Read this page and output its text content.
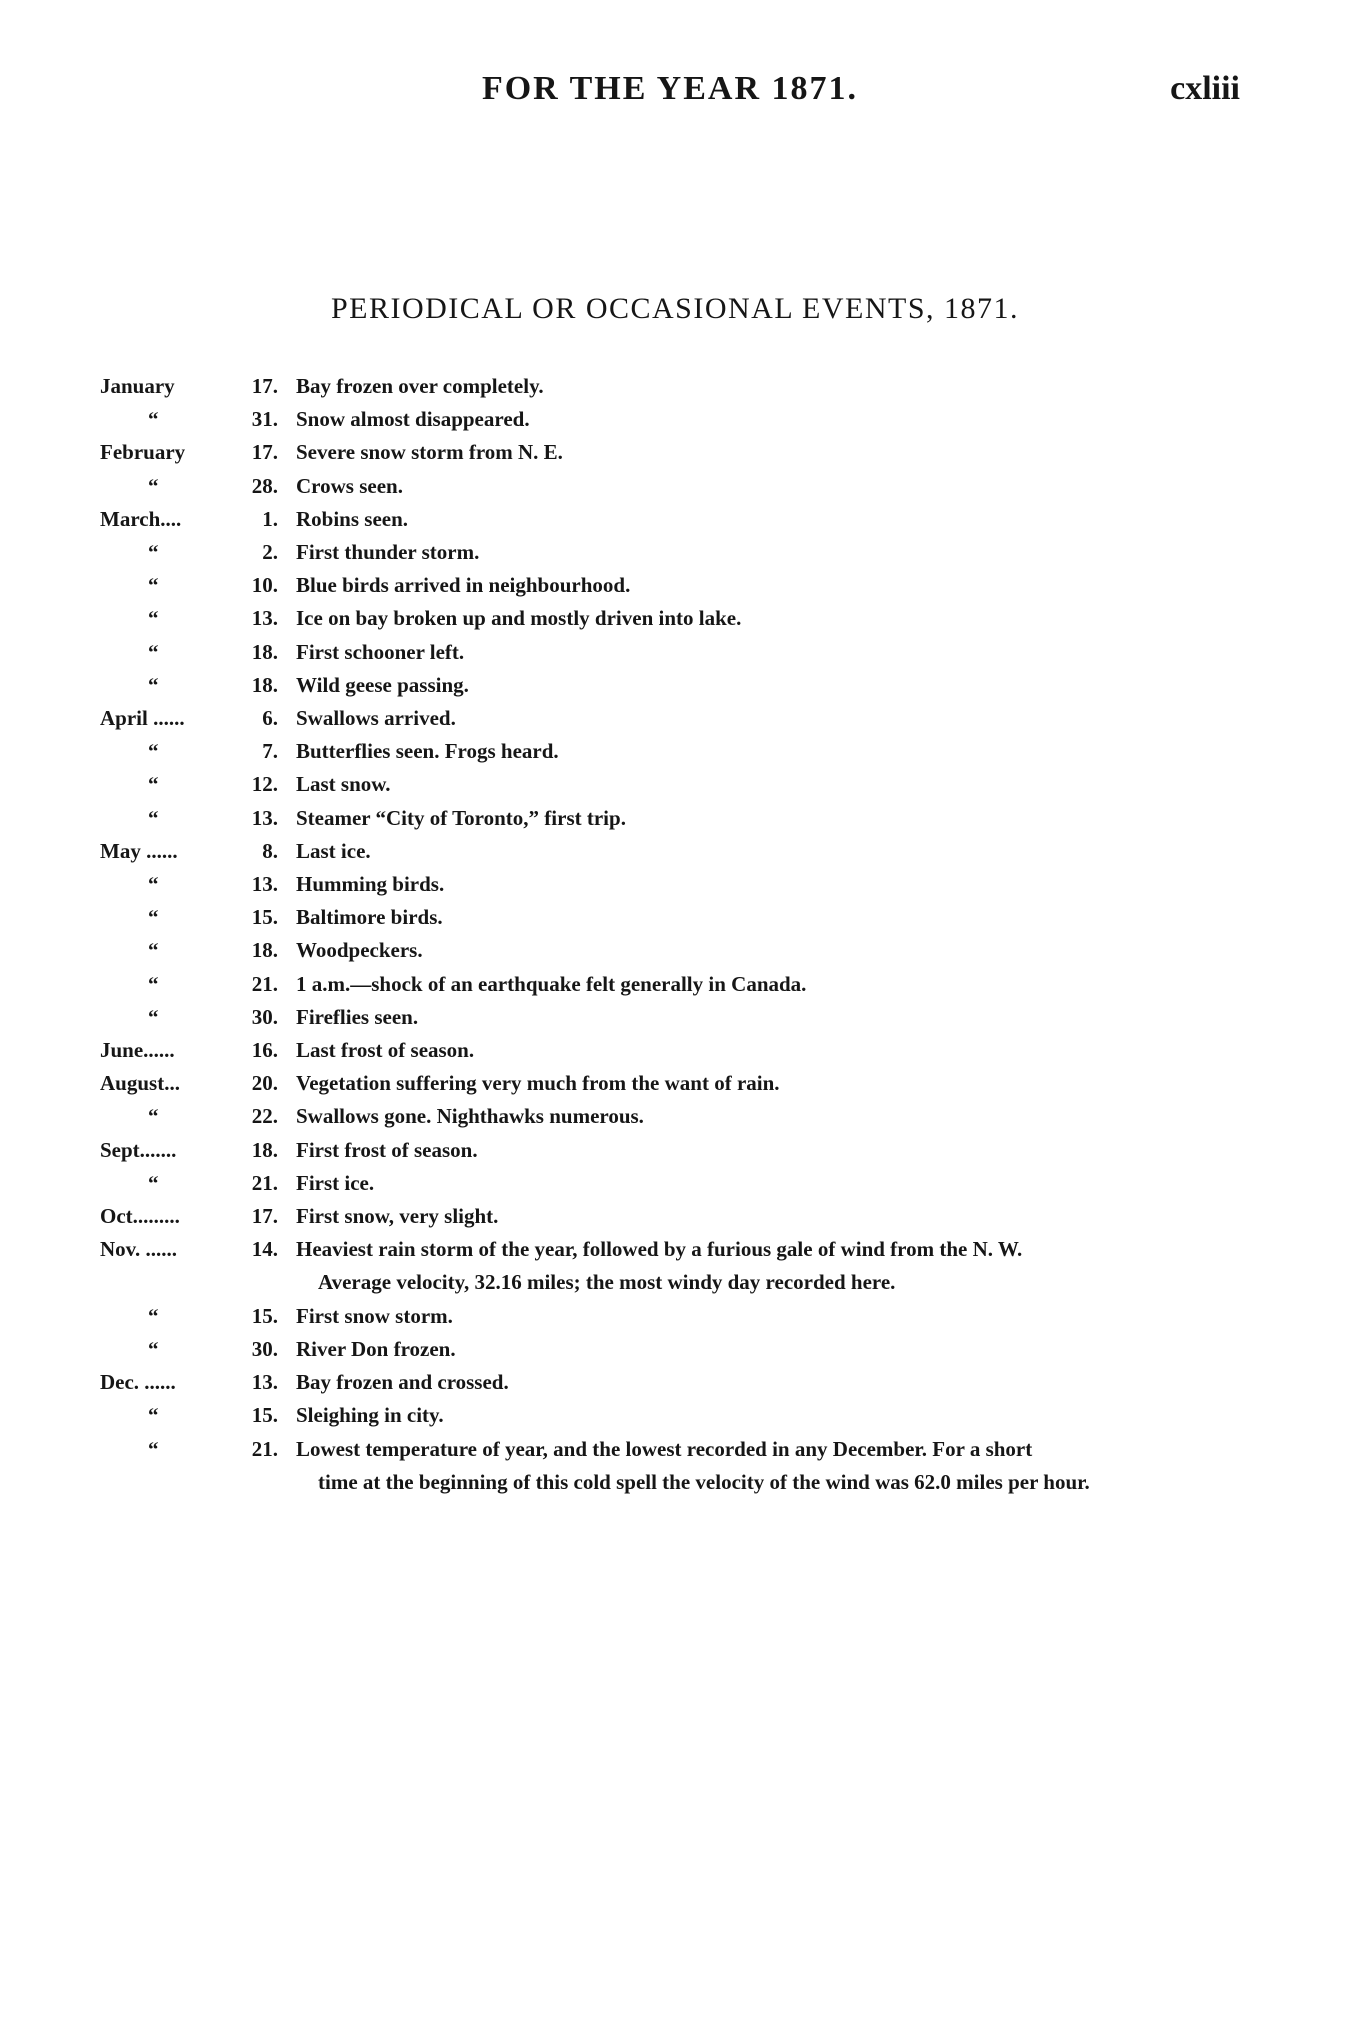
FOR THE YEAR 1871.	cxliii
PERIODICAL OR OCCASIONAL EVENTS, 1871.
January	17. Bay frozen over completely.
“	31. Snow almost disappeared.
February	17. Severe snow storm from N. E.
“	28. Crows seen.
March....	1. Robins seen.
“	2. First thunder storm.
“	10. Blue birds arrived in neighbourhood.
“	13. Ice on bay broken up and mostly driven into lake.
“	18. First schooner left.
“	18. Wild geese passing.
April ......	6. Swallows arrived.
“	7. Butterflies seen. Frogs heard.
“	12. Last snow.
“	13. Steamer “City of Toronto,” first trip.
May ......	8. Last ice.
“	13. Humming birds.
“	15. Baltimore birds.
“	18. Woodpeckers.
“	21. 1 a.m.—shock of an earthquake felt generally in Canada.
“	30. Fireflies seen.
June......	16. Last frost of season.
August...	20. Vegetation suffering very much from the want of rain.
“	22. Swallows gone. Nighthawks numerous.
Sept.......	18. First frost of season.
“	21. First ice.
Oct.........	17. First snow, very slight.
Nov. ......	14. Heaviest rain storm of the year, followed by a furious gale of wind from the N. W.
Average velocity, 32.16 miles; the most windy day recorded here.
“	15. First snow storm.
“	30. River Don frozen.
Dec. ......	13. Bay frozen and crossed.
“	15. Sleighing in city.
“	21. Lowest temperature of year, and the lowest recorded in any December. For a short
time at the beginning of this cold spell the velocity of the wind was 62.0 miles per hour.
